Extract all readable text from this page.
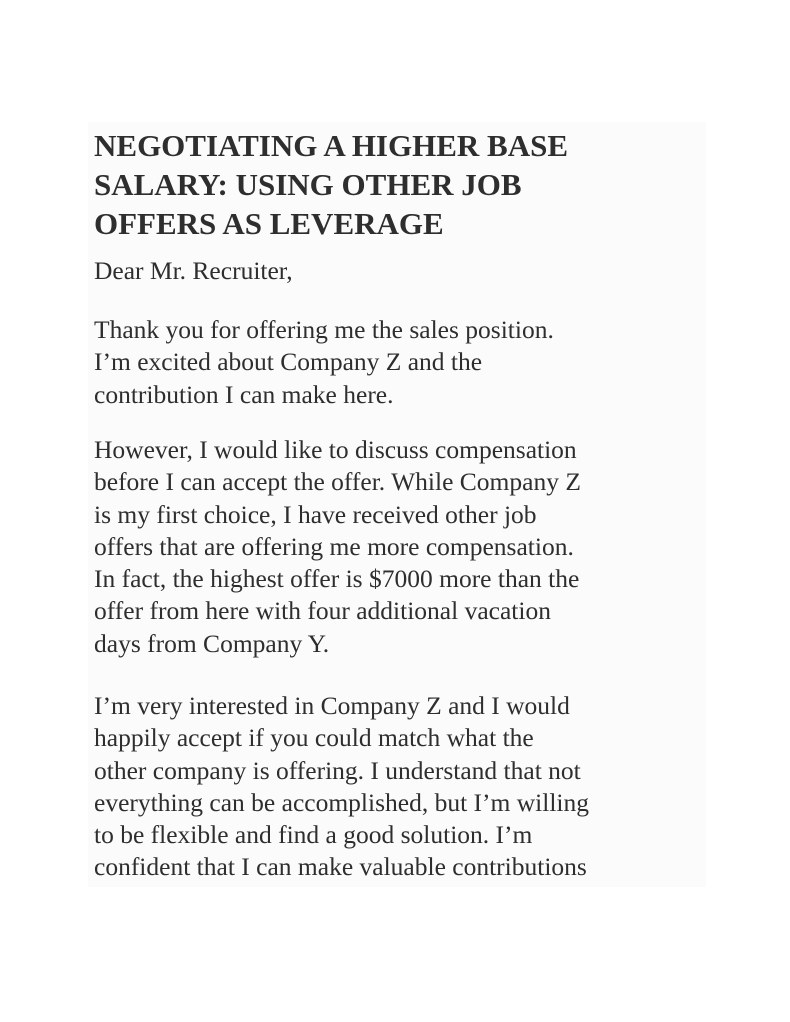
NEGOTIATING A HIGHER BASE
SALARY: USING OTHER JOB
OFFERS AS LEVERAGE

Dear Mr. Recruiter,

Thank you for offering me the sales position.
I’m excited about Company Z and the
contribution I can make here.

However, I would like to discuss compensation
before I can accept the offer. While Company Z
is my first choice, I have received other job
offers that are offering me more compensation.
In fact, the highest offer is $7000 more than the
offer from here with four additional vacation
days from Company Y.

I’m very interested in Company Z and I would
happily accept if you could match what the
other company is offering. I understand that not
everything can be accomplished, but I’m willing
to be flexible and find a good solution. I’m
confident that I can make valuable contributions
